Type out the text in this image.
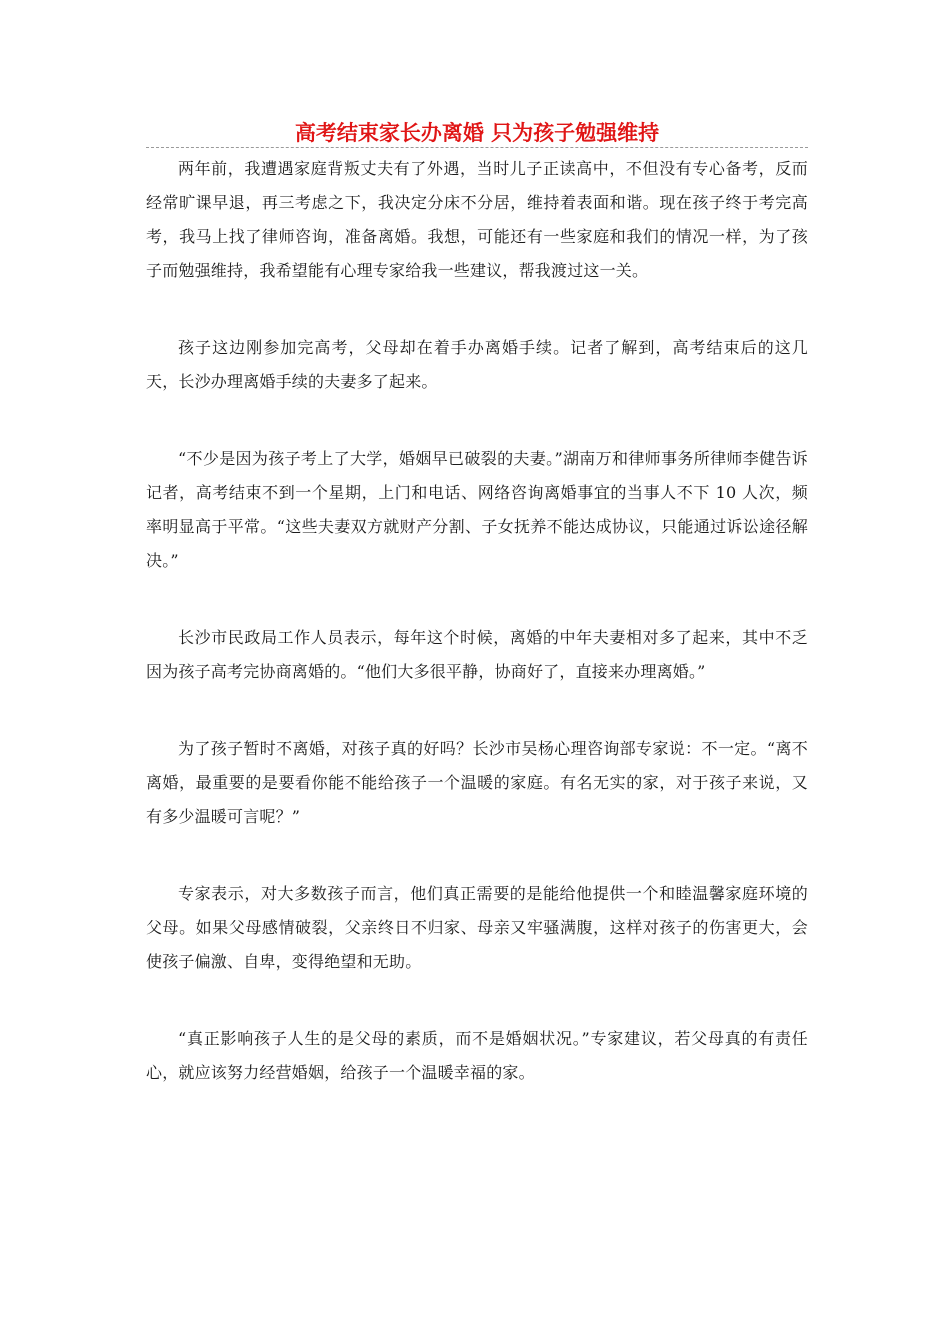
高考结束家长办离婚 只为孩子勉强维持

两年前，我遭遇家庭背叛丈夫有了外遇，当时儿子正读高中，不但没有专心备考，反而经常旷课早退，再三考虑之下，我决定分床不分居，维持着表面和谐。现在孩子终于考完高考，我马上找了律师咨询，准备离婚。我想，可能还有一些家庭和我们的情况一样，为了孩子而勉强维持，我希望能有心理专家给我一些建议，帮我渡过这一关。

孩子这边刚参加完高考，父母却在着手办离婚手续。记者了解到，高考结束后的这几天，长沙办理离婚手续的夫妻多了起来。

“不少是因为孩子考上了大学，婚姻早已破裂的夫妻。”湖南万和律师事务所律师李健告诉记者，高考结束不到一个星期，上门和电话、网络咨询离婚事宜的当事人不下 10 人次，频率明显高于平常。“这些夫妻双方就财产分割、子女抚养不能达成协议，只能通过诉讼途径解决。”

长沙市民政局工作人员表示，每年这个时候，离婚的中年夫妻相对多了起来，其中不乏因为孩子高考完协商离婚的。“他们大多很平静，协商好了，直接来办理离婚。”

为了孩子暂时不离婚，对孩子真的好吗？长沙市吴杨心理咨询部专家说：不一定。“离不离婚，最重要的是要看你能不能给孩子一个温暖的家庭。有名无实的家，对于孩子来说，又有多少温暖可言呢？”

专家表示，对大多数孩子而言，他们真正需要的是能给他提供一个和睦温馨家庭环境的父母。如果父母感情破裂，父亲终日不归家、母亲又牢骚满腹，这样对孩子的伤害更大，会使孩子偏激、自卑，变得绝望和无助。

“真正影响孩子人生的是父母的素质，而不是婚姻状况。”专家建议，若父母真的有责任心，就应该努力经营婚姻，给孩子一个温暖幸福的家。
